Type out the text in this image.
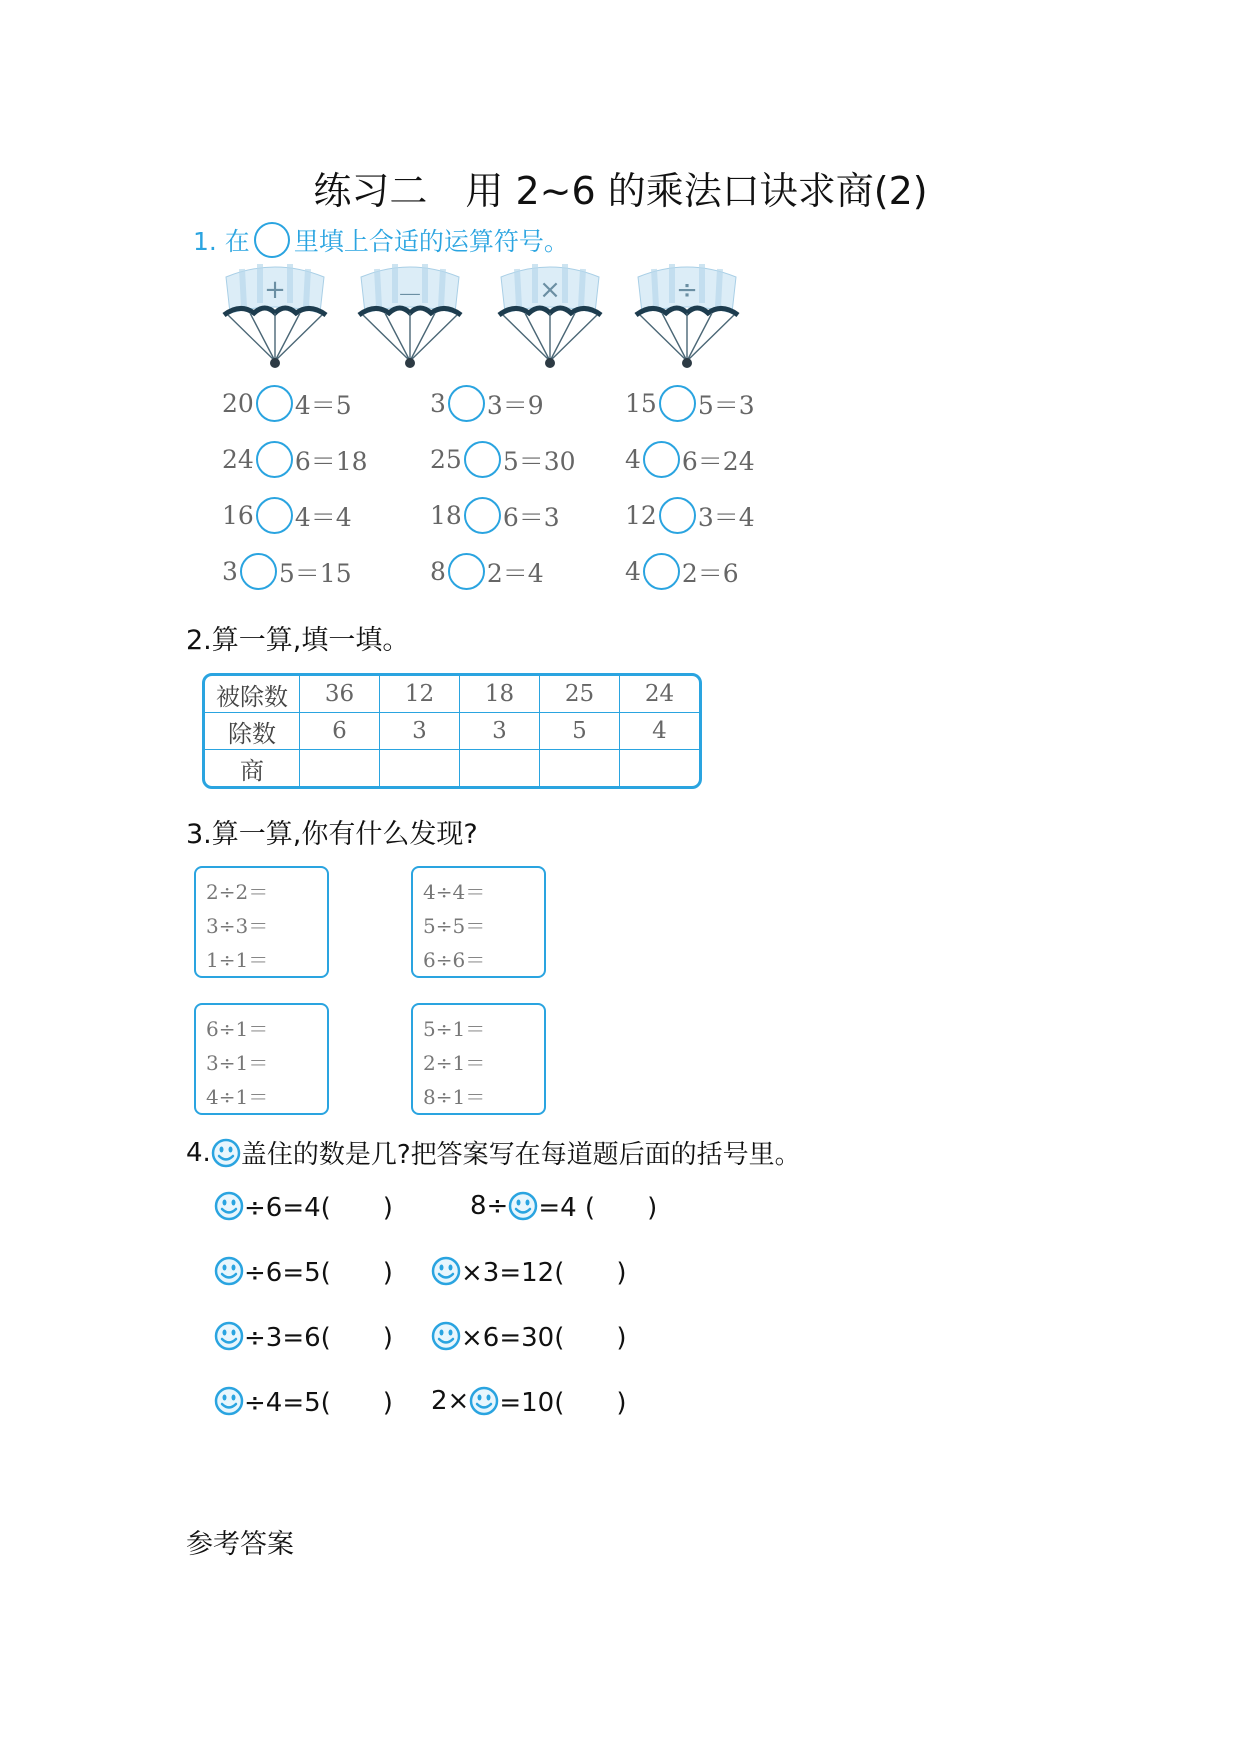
练习二　用 2~6 的乘法口诀求商(2)
1. 在 里填上合适的运算符号。
+	－	×	÷
20 4＝5	3 3＝9	15 5＝3
24 6＝18 25 5＝30 4 6＝24
16 4＝4	18 6＝3	12 3＝4
3 5＝15	8 2＝4	4 2＝6
2.算一算,填一填。
被除数	36	12	18	25	24
除数	6	3	3	5	4
商					
3.算一算,你有什么发现?
2÷2＝
3÷3＝
1÷1＝
4÷4＝
5÷5＝
6÷6＝
6÷1＝
3÷1＝
4÷1＝
5÷1＝
2÷1＝
8÷1＝
4. 盖住的数是几?把答案写在每道题后面的括号里。
÷6=4(　　)	8÷ =4 (　　)
÷6=5(　　)	×3=12(　　)
÷3=6(　　)	×6=30(　　)
÷4=5(　　) 2× =10(　　)
参考答案
